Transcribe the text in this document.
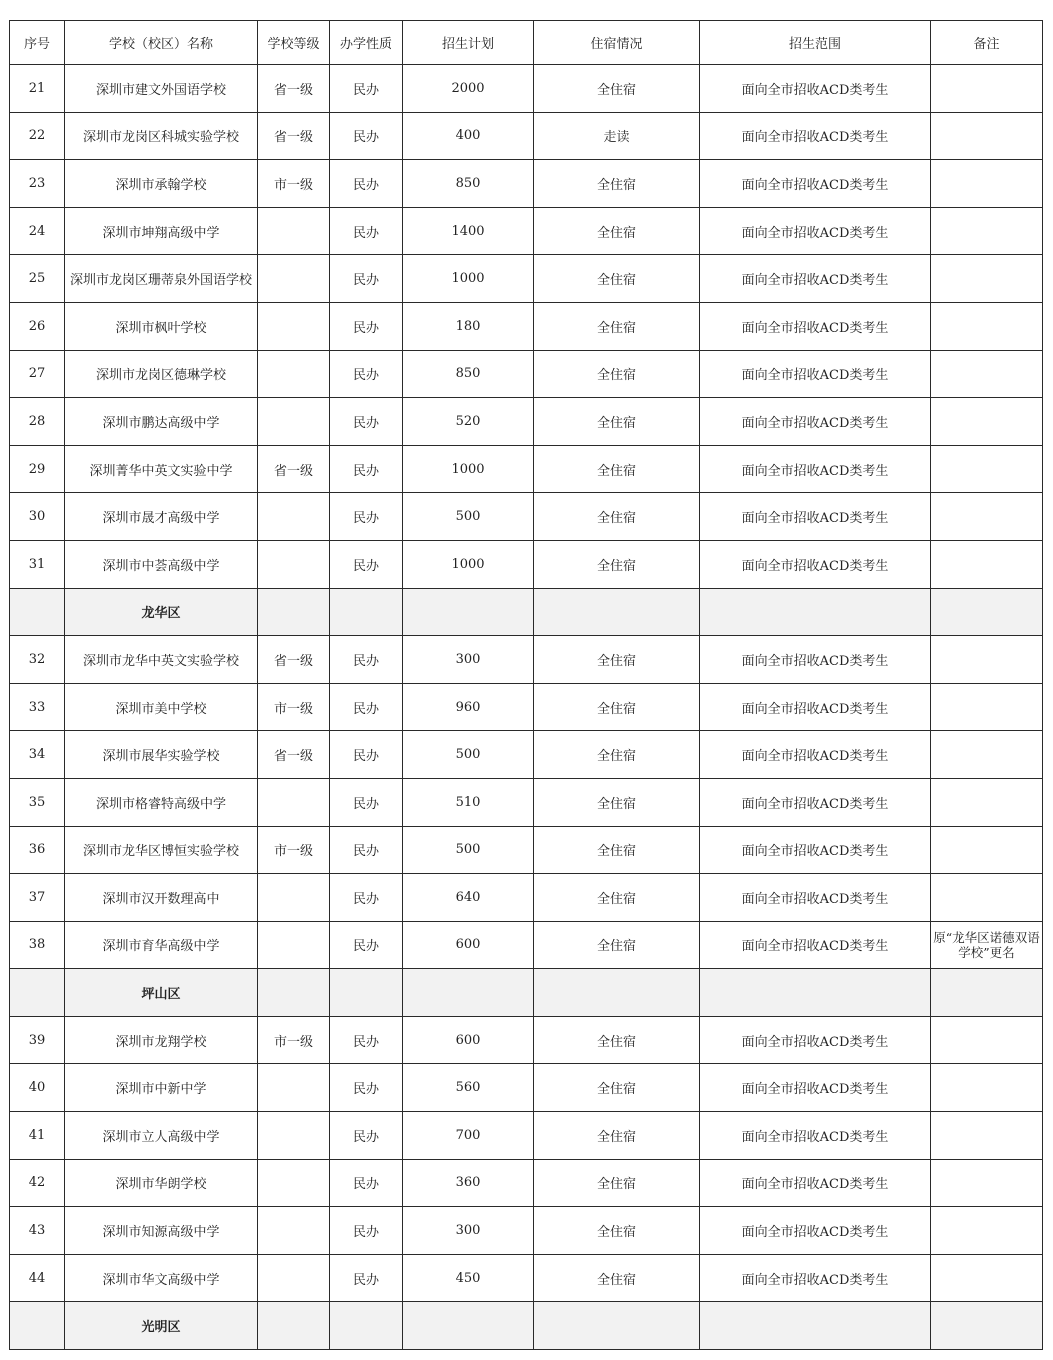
序号	学校（校区）名称	学校等级	办学性质	招生计划	住宿情况	招生范围	备注
21	深圳市建文外国语学校	省一级	民办	2000	全住宿	面向全市招收ACD类考生	
22	深圳市龙岗区科城实验学校	省一级	民办	400	走读	面向全市招收ACD类考生	
23	深圳市承翰学校	市一级	民办	850	全住宿	面向全市招收ACD类考生	
24	深圳市坤翔高级中学		民办	1400	全住宿	面向全市招收ACD类考生	
25	深圳市龙岗区珊蒂泉外国语学校		民办	1000	全住宿	面向全市招收ACD类考生	
26	深圳市枫叶学校		民办	180	全住宿	面向全市招收ACD类考生	
27	深圳市龙岗区德琳学校		民办	850	全住宿	面向全市招收ACD类考生	
28	深圳市鹏达高级中学		民办	520	全住宿	面向全市招收ACD类考生	
29	深圳菁华中英文实验中学	省一级	民办	1000	全住宿	面向全市招收ACD类考生	
30	深圳市晟才高级中学		民办	500	全住宿	面向全市招收ACD类考生	
31	深圳市中荟高级中学		民办	1000	全住宿	面向全市招收ACD类考生	
	龙华区						
32	深圳市龙华中英文实验学校	省一级	民办	300	全住宿	面向全市招收ACD类考生	
33	深圳市美中学校	市一级	民办	960	全住宿	面向全市招收ACD类考生	
34	深圳市展华实验学校	省一级	民办	500	全住宿	面向全市招收ACD类考生	
35	深圳市格睿特高级中学		民办	510	全住宿	面向全市招收ACD类考生	
36	深圳市龙华区博恒实验学校	市一级	民办	500	全住宿	面向全市招收ACD类考生	
37	深圳市汉开数理高中		民办	640	全住宿	面向全市招收ACD类考生	
38	深圳市育华高级中学		民办	600	全住宿	面向全市招收ACD类考生	原“龙华区诺德双语学校”更名
	坪山区						
39	深圳市龙翔学校	市一级	民办	600	全住宿	面向全市招收ACD类考生	
40	深圳市中新中学		民办	560	全住宿	面向全市招收ACD类考生	
41	深圳市立人高级中学		民办	700	全住宿	面向全市招收ACD类考生	
42	深圳市华朗学校		民办	360	全住宿	面向全市招收ACD类考生	
43	深圳市知源高级中学		民办	300	全住宿	面向全市招收ACD类考生	
44	深圳市华文高级中学		民办	450	全住宿	面向全市招收ACD类考生	
	光明区						
